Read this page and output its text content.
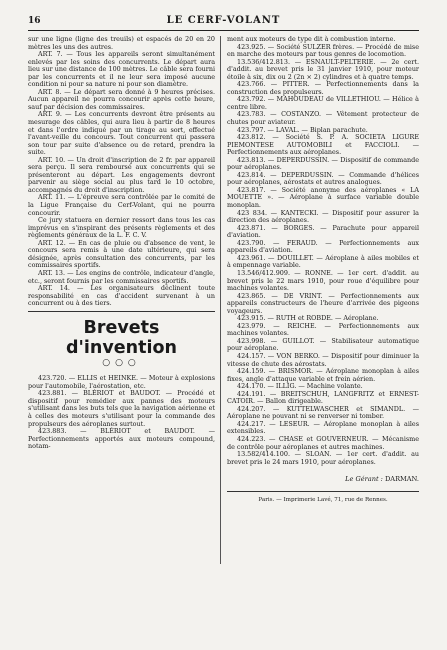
16	LE CERF-VOLANT

sur une ligne (ligne des treuils) et espacés de 20 en 20 mètres les uns des autres.

ART. 7. — Tous les appareils seront simultanément enlevés par les soins des concurrents. Le départ aura lieu sur une distance de 100 mètres. Le câble sera fourni par les concurrents et il ne leur sera imposé aucune condition ni pour sa nature ni pour son diamètre.

ART. 8. — Le départ sera donné à 9 heures précises. Aucun appareil ne pourra concourir après cette heure, sauf par décision des commissaires.

ART. 9. — Les concurrents devront être présents au mesurage des câbles, qui aura lieu à partir de 8 heures et dans l'ordre indiqué par un tirage au sort, effectué l'avant-veille du concours. Tout concurrent qui passera son tour par suite d'absence ou de retard, prendra la suite.

ART. 10. — Un droit d'inscription de 2 fr. par appareil sera perçu. Il sera remboursé aux concurrents qui se présenteront au départ. Les engagements devront parvenir au siège social au plus tard le 10 octobre, accompagnés du droit d'inscription.

ART. 11. — L'épreuve sera contrôlée par le comité de la Ligue Française du Cerf-Volant, qui ne pourra concourir.

Ce jury statuera en dernier ressort dans tous les cas imprévus en s'inspirant des présents règlements et des règlements généraux de la L. F. C. V.

ART. 12. — En cas de pluie ou d'absence de vent, le concours sera remis à une date ultérieure, qui sera désignée, après consultation des concurrents, par les commissaires sportifs.

ART. 13. — Les engins de contrôle, indicateur d'angle, etc., seront fournis par les commissaires sportifs.

ART. 14. — Les organisateurs déclinent toute responsabilité en cas d'accident survenant à un concurrent ou à des tiers.

Brevets d'invention
○○○

423.720. — ELLIS et HEINKE. — Moteur à explosions pour l'automobile, l'aérostation, etc.

423.881. — BLÉRIOT et BAUDOT. — Procédé et dispositif pour remédier aux pannes des moteurs s'utilisant dans les buts tels que la navigation aérienne et à celles des moteurs s'utilisant pour la commande des propulseurs des aéroplanes surtout.

423.883. — BLÉRIOT et BAUDOT. — Perfectionnements apportés aux moteurs compound, notam-

ment aux moteurs de type dit à combustion interne.

423.925. — Société SULZER frères. — Procédé de mise en marche des moteurs par tous genres de locomotion.

13.536/412.813. — ESNAULT-PELTERIE. — 2e cert. d'addit. au brevet pris le 31 janvier 1910, pour moteur étoile à six, dix ou 2 (2n × 2) cylindres et à quatre temps.

423.766. — PITTER. — Perfectionnements dans la construction des propulseurs.

423.792. — MAHOUDEAU de VILLETHIOU. — Hélice à centre libre.

423.783. — COSTANZO. — Vêtement protecteur de chutes pour aviateur.

423.797. — LAVAL. — Biplan parachute.

423.812. — Société S. P. A. SOCIETA LIGURE PIEMONTESE AUTOMOBILI et FACCIOLI. — Perfectionnements aux aéroplanes.

423.813. — DEPERDUSSIN. — Dispositif de commande pour aéroplanes.

423.814. — DEPERDUSSIN. — Commande d'hélices pour aéroplanes, aérostats et autres analogues.

423.817. — Société anonyme des aéroplanes « LA MOUETTE ». — Aéroplane à surface variable double monoplan.

423 834. — KANTECKI. — Dispositif pour assurer la direction des aéroplanes.

423.871. — BORGES. — Parachute pour appareil d'aviation.

423.790. — FERAUD. — Perfectionnements aux appareils d'aviation.

423.961. — DOUILLET. — Aéroplane à ailes mobiles et à empennage variable.

13.546/412.909. — RONNE. — 1er cert. d'addit. au brevet pris le 22 mars 1910, pour roue d'équilibre pour machines volantes.

423.865. — DE VRINT. — Perfectionnements aux appareils constructeurs de l'heure d'arrivée des pigeons voyageurs.

423.915. — RUTH et ROBDE. — Aéroplane.

423.979. — REICHE. — Perfectionnements aux machines volantes.

423.998. — GUILLOT. — Stabilisateur automatique pour aéroplane.

424.157. — VON BERKO. — Dispositif pour diminuer la vitesse de chute des aérostats.

424.159. — BRISMOR. — Aéroplane monoplan à ailes fixes, angle d'attaque variable et frein aérien.

424.170. — ILLIG. — Machine volante.

424.191. — BREITSCHUH, LANGFRITZ et ERNEST-CATOIR. — Ballon dirigeable.

424.207. — KUTTELWASCHER et SIMANDL. — Aéroplane ne pouvant ni se renverser ni tomber.

424.217. — LESEUR. — Aéroplane monoplan à ailes extensibles.

424.223. — CHASE et GOUVERNEUR. — Mécanisme de contrôle pour aéroplanes et autres machines.

13.582/414.100. — SLOAN. — 1er cert. d'addit. au brevet pris le 24 mars 1910, pour aéroplanes.

Le Gérant : DARMAN.
Paris. — Imprimerie Lavé, 71, rue de Rennes.
